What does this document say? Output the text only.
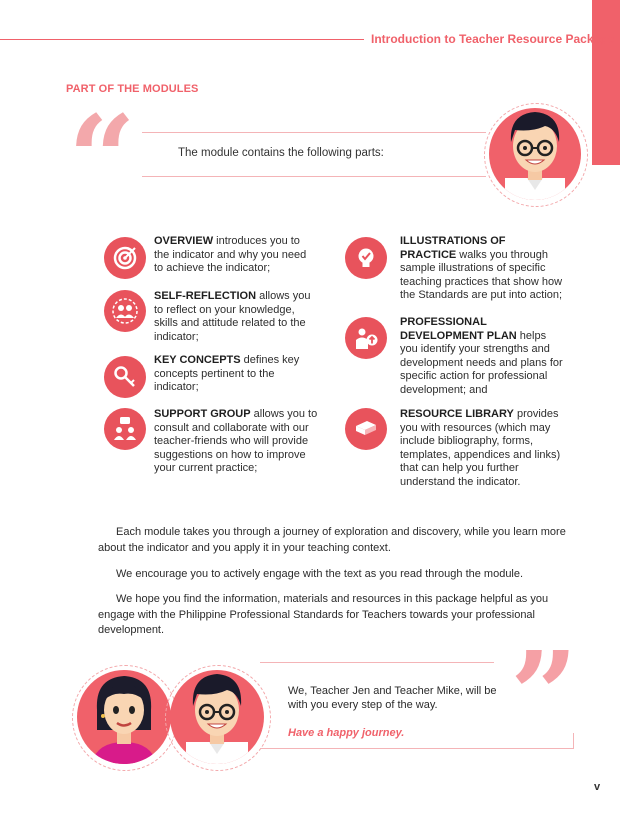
Introduction to Teacher Resource Package
PART OF THE MODULES
“	The module contains the following parts:
OVERVIEW introduces you to the indicator and why you need to achieve the indicator;
SELF-REFLECTION allows you to reflect on your knowledge, skills and attitude related to the indicator;
KEY CONCEPTS defines key concepts pertinent to the indicator;
SUPPORT GROUP allows you to consult and collaborate with our teacher-friends who will provide suggestions on how to improve your current practice;
ILLUSTRATIONS OF PRACTICE walks you through sample illustrations of specific teaching practices that show how the Standards are put into action;
PROFESSIONAL DEVELOPMENT PLAN helps you identify your strengths and development needs and plans for specific action for professional development; and
RESOURCE LIBRARY provides you with resources (which may include bibliography, forms, templates, appendices and links) that can help you further understand the indicator.
Each module takes you through a journey of exploration and discovery, while you learn more about the indicator and you apply it in your teaching context.
We encourage you to actively engage with the text as you read through the module.
We hope you find the information, materials and resources in this package helpful as you engage with the Philippine Professional Standards for Teachers towards your professional development.
We, Teacher Jen and Teacher Mike, will be with you every step of the way.
Have a happy journey. ”
v
